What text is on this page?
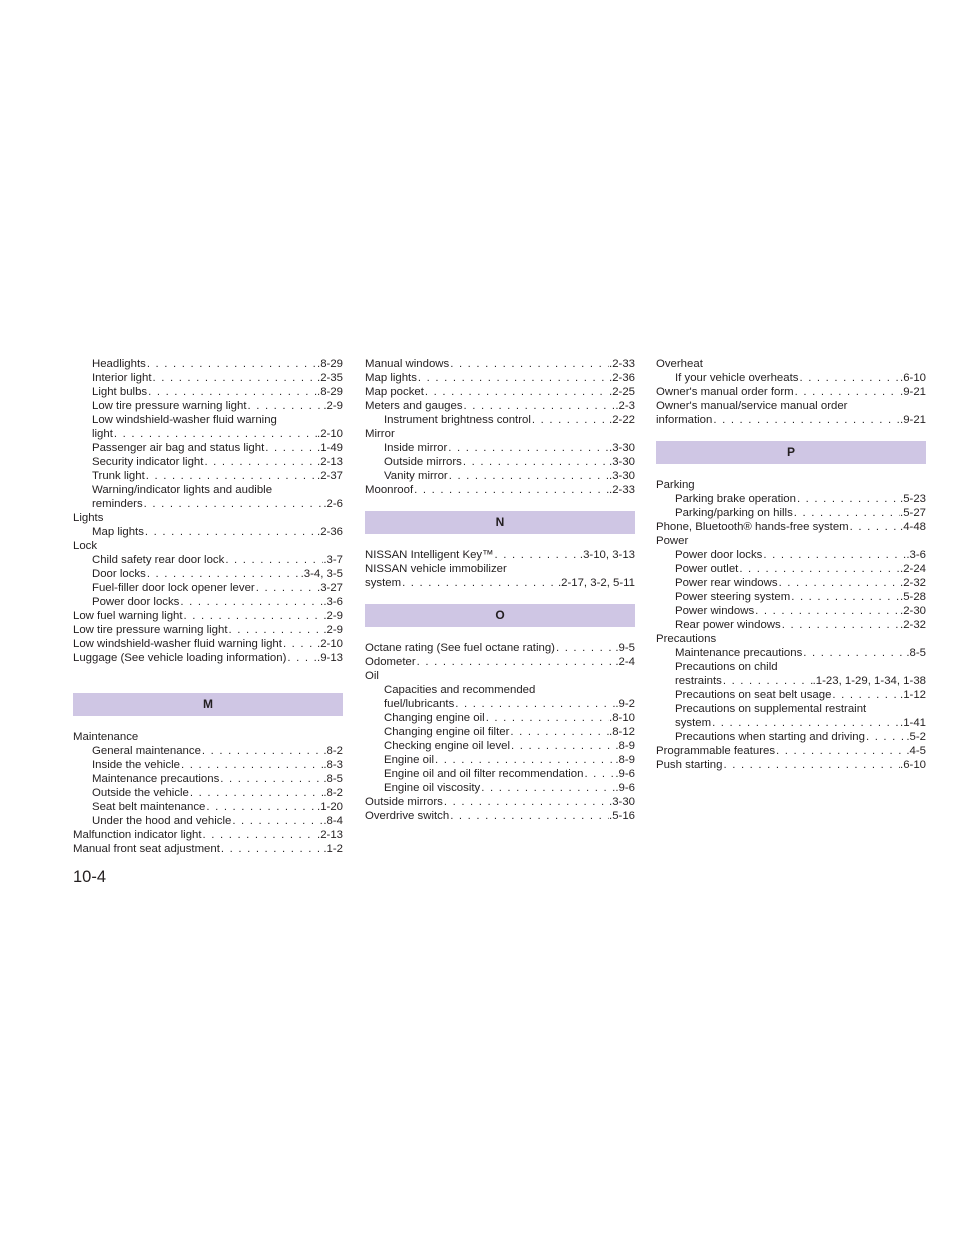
Headlights . . .	.8-29
Interior light . . .	.2-35
Light bulbs . . .	.8-29
Low tire pressure warning light . . .	.2-9
Low windshield-washer fluid warning
light . . .	.2-10
Passenger air bag and status light . . .	.1-49
Security indicator light . . .	.2-13
Trunk light . . .	.2-37
Warning/indicator lights and audible
reminders . . .	.2-6
Lights
Map lights . . .	.2-36
Lock
Child safety rear door lock . . .	.3-7
Door locks . . .	.3-4, 3-5
Fuel-filler door lock opener lever . . .	.3-27
Power door locks . . .	.3-6
Low fuel warning light . . .	.2-9
Low tire pressure warning light . . .	.2-9
Low windshield-washer fluid warning light . . .	.2-10
Luggage (See vehicle loading information) . . .	.9-13
M
Maintenance
General maintenance . . .	.8-2
Inside the vehicle . . .	.8-3
Maintenance precautions . . .	.8-5
Outside the vehicle . . .	.8-2
Seat belt maintenance . . .	.1-20
Under the hood and vehicle . . .	.8-4
Malfunction indicator light . . .	.2-13
Manual front seat adjustment . . .	.1-2
Manual windows . . .	.2-33
Map lights . . .	.2-36
Map pocket . . .	.2-25
Meters and gauges . . .	.2-3
Instrument brightness control . . .	.2-22
Mirror
Inside mirror . . .	.3-30
Outside mirrors . . .	.3-30
Vanity mirror . . .	.3-30
Moonroof . . .	.2-33
N
NISSAN Intelligent Key™ . . .	.3-10, 3-13
NISSAN vehicle immobilizer
system . . .	.2-17, 3-2, 5-11
O
Octane rating (See fuel octane rating) . . .	.9-5
Odometer . . .	.2-4
Oil
Capacities and recommended
fuel/lubricants . . .	.9-2
Changing engine oil . . .	.8-10
Changing engine oil filter . . .	.8-12
Checking engine oil level . . .	.8-9
Engine oil . . .	.8-9
Engine oil and oil filter recommendation . . .	.9-6
Engine oil viscosity . . .	.9-6
Outside mirrors . . .	.3-30
Overdrive switch . . .	.5-16
Overheat
If your vehicle overheats . . .	.6-10
Owner's manual order form . . .	.9-21
Owner's manual/service manual order
information . . .	.9-21
P
Parking
Parking brake operation . . .	.5-23
Parking/parking on hills . . .	.5-27
Phone, Bluetooth® hands-free system . . .	.4-48
Power
Power door locks . . .	.3-6
Power outlet . . .	.2-24
Power rear windows . . .	.2-32
Power steering system . . .	.5-28
Power windows . . .	.2-30
Rear power windows . . .	.2-32
Precautions
Maintenance precautions . . .	.8-5
Precautions on child
restraints . . .	.1-23, 1-29, 1-34, 1-38
Precautions on seat belt usage . . .	.1-12
Precautions on supplemental restraint
system . . .	.1-41
Precautions when starting and driving . . .	.5-2
Programmable features . . .	.4-5
Push starting . . .	.6-10
10-4
